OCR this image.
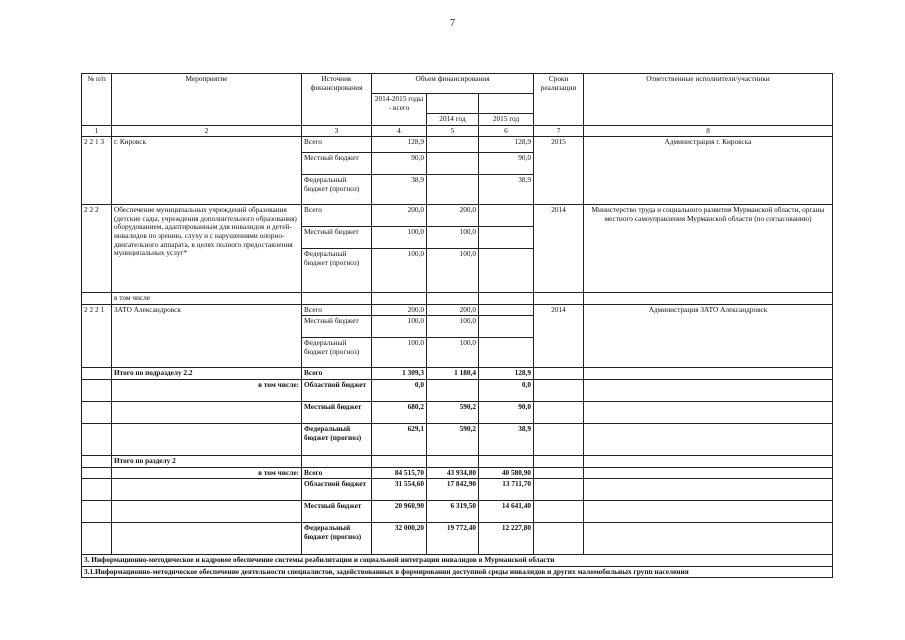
7
№ п/п	Мероприятие	Источник финансирования	Объем финансирования			Сроки реализации	Ответственные исполнители/участники
			2014-2015 годы - всего				
				2014 год	2015 год		
1	2	3	4	5	6	7	8
2 2 1 3	г. Кировск	Всего	128,9		128,9	2015	Администрация г. Кировска
		Местный бюджет	90,0		90,0		
		Федеральный бюджет (прогноз)	38,9		38,9		
2 2 2	Обеспечение муниципальных учреждений образования (детские сады, учреждения дополнительного образования) оборудованием, адаптированным для инвалидов и детей-инвалидов по зрению, слуху и с нарушениями опорно-двигательного аппарата, в целях полного предоставления муниципальных услуг*	Всего	200,0	200,0		2014	Министерство труда и социального развития Мурманской области, органы местного самоуправления Мурманской области (по согласованию)
		Местный бюджет	100,0	100,0			
		Федеральный бюджет (прогноз)	100,0	100,0			
	в том числе						
2 2 2 1	ЗАТО Александровск	Всего	200,0	200,0		2014	Администрация ЗАТО Александровск
		Местный бюджет	100,0	100,0			
		Федеральный бюджет (прогноз)	100,0	100,0			
	Итого по подразделу 2.2	Всего	1 309,3	1 180,4	128,9		
	в том числе:	Областной бюджет	0,0		0,0		
		Местный бюджет	680,2	590,2	90,0		
		Федеральный бюджет (прогноз)	629,1	590,2	38,9		
	Итого по разделу 2						
	в том числе:	Всего	84 515,70	43 934,80	40 580,90		
		Областной бюджет	31 554,60	17 842,90	13 711,70		
		Местный бюджет	20 960,90	6 319,50	14 641,40		
		Федеральный бюджет (прогноз)	32 000,20	19 772,40	12 227,80		
3. Информационно-методическое и кадровое обеспечение системы реабилитации и социальной интеграции инвалидов в Мурманской области							
3.1.Информационно-методическое обеспечение деятельности специалистов, задействованных в формировании доступной среды инвалидов и других маломобильных групп населения							
